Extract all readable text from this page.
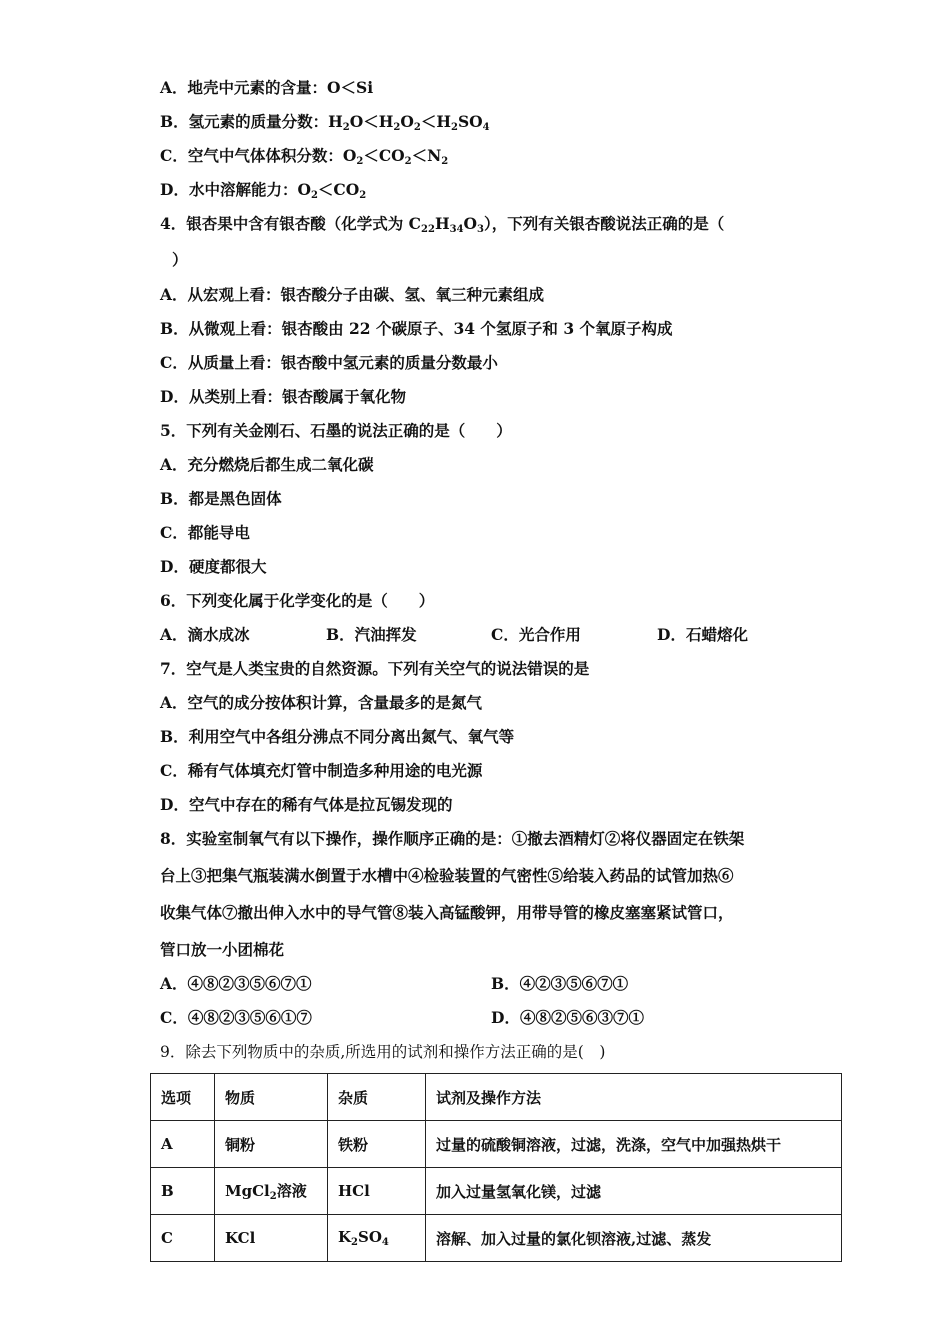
A．地壳中元素的含量：O＜Si
B．氢元素的质量分数：$H_2O<H_2O_2<H_2SO_4$
C．空气中气体体积分数：$O_2<CO_2<N_2$
D．水中溶解能力：$O_2<CO_2$
4．银杏果中含有银杏酸（化学式为 $C_{22}H_{34}O_3$），下列有关银杏酸说法正确的是（
）
A．从宏观上看：银杏酸分子由碳、氢、氧三种元素组成
B．从微观上看：银杏酸由 22 个碳原子、34 个氢原子和 3 个氧原子构成
C．从质量上看：银杏酸中氢元素的质量分数最小
D．从类别上看：银杏酸属于氧化物
5．下列有关金刚石、石墨的说法正确的是（　　）
A．充分燃烧后都生成二氧化碳
B．都是黑色固体
C．都能导电
D．硬度都很大
6．下列变化属于化学变化的是（　　）
A．滴水成冰	B．汽油挥发	C．光合作用	D．石蜡熔化
7．空气是人类宝贵的自然资源。下列有关空气的说法错误的是
A．空气的成分按体积计算，含量最多的是氮气
B．利用空气中各组分沸点不同分离出氮气、氧气等
C．稀有气体填充灯管中制造多种用途的电光源
D．空气中存在的稀有气体是拉瓦锡发现的
8．实验室制氧气有以下操作，操作顺序正确的是：①撤去酒精灯②将仪器固定在铁架
台上③把集气瓶装满水倒置于水槽中④检验装置的气密性⑤给装入药品的试管加热⑥
收集气体⑦撤出伸入水中的导气管⑧装入高锰酸钾，用带导管的橡皮塞塞紧试管口，
管口放一小团棉花
A．④⑧②③⑤⑥⑦①	B．④②③⑤⑥⑦①
C．④⑧②③⑤⑥①⑦	D．④⑧②⑤⑥③⑦①
9．除去下列物质中的杂质,所选用的试剂和操作方法正确的是(　)
选项	物质	杂质	试剂及操作方法
A	铜粉	铁粉	过量的硫酸铜溶液，过滤，洗涤，空气中加强热烘干
B	MgCl$_2$溶液	HCl	加入过量氢氧化镁，过滤
C	KCl	$K_2SO_4$	溶解、加入过量的氯化钡溶液,过滤、蒸发
